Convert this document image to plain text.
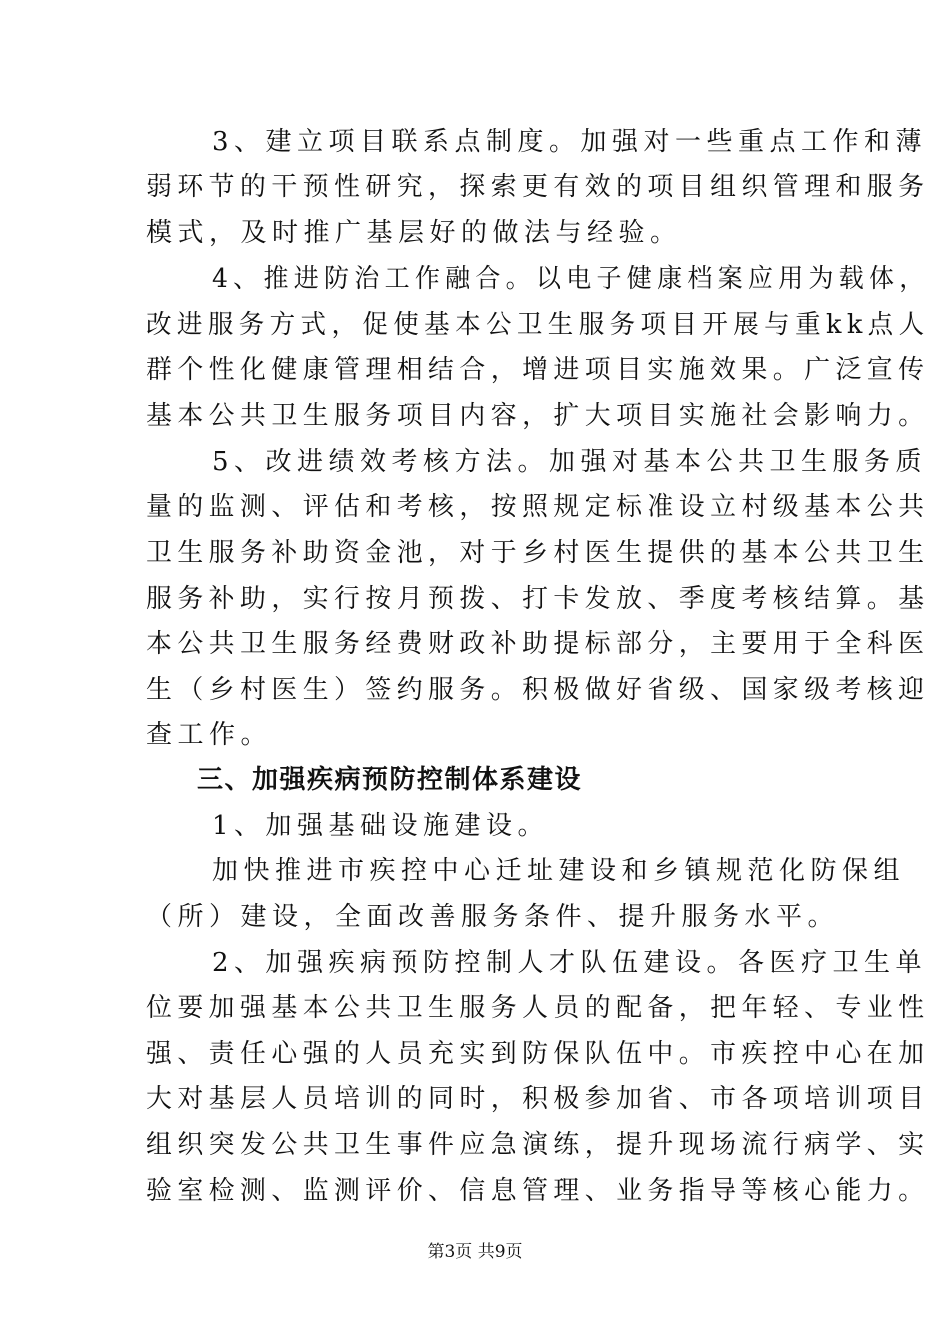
3、建立项目联系点制度。加强对一些重点工作和薄
弱环节的干预性研究，探索更有效的项目组织管理和服务
模式，及时推广基层好的做法与经验。
4、推进防治工作融合。以电子健康档案应用为载体，
改进服务方式，促使基本公卫生服务项目开展与重kk点人
群个性化健康管理相结合，增进项目实施效果。广泛宣传
基本公共卫生服务项目内容，扩大项目实施社会影响力。
5、改进绩效考核方法。加强对基本公共卫生服务质
量的监测、评估和考核，按照规定标准设立村级基本公共
卫生服务补助资金池，对于乡村医生提供的基本公共卫生
服务补助，实行按月预拨、打卡发放、季度考核结算。基
本公共卫生服务经费财政补助提标部分，主要用于全科医
生（乡村医生）签约服务。积极做好省级、国家级考核迎
查工作。
三、加强疾病预防控制体系建设
1、加强基础设施建设。
加快推进市疾控中心迁址建设和乡镇规范化防保组
（所）建设，全面改善服务条件、提升服务水平。
2、加强疾病预防控制人才队伍建设。各医疗卫生单
位要加强基本公共卫生服务人员的配备，把年轻、专业性
强、责任心强的人员充实到防保队伍中。市疾控中心在加
大对基层人员培训的同时，积极参加省、市各项培训项目
组织突发公共卫生事件应急演练，提升现场流行病学、实
验室检测、监测评价、信息管理、业务指导等核心能力。
第3页 共9页
